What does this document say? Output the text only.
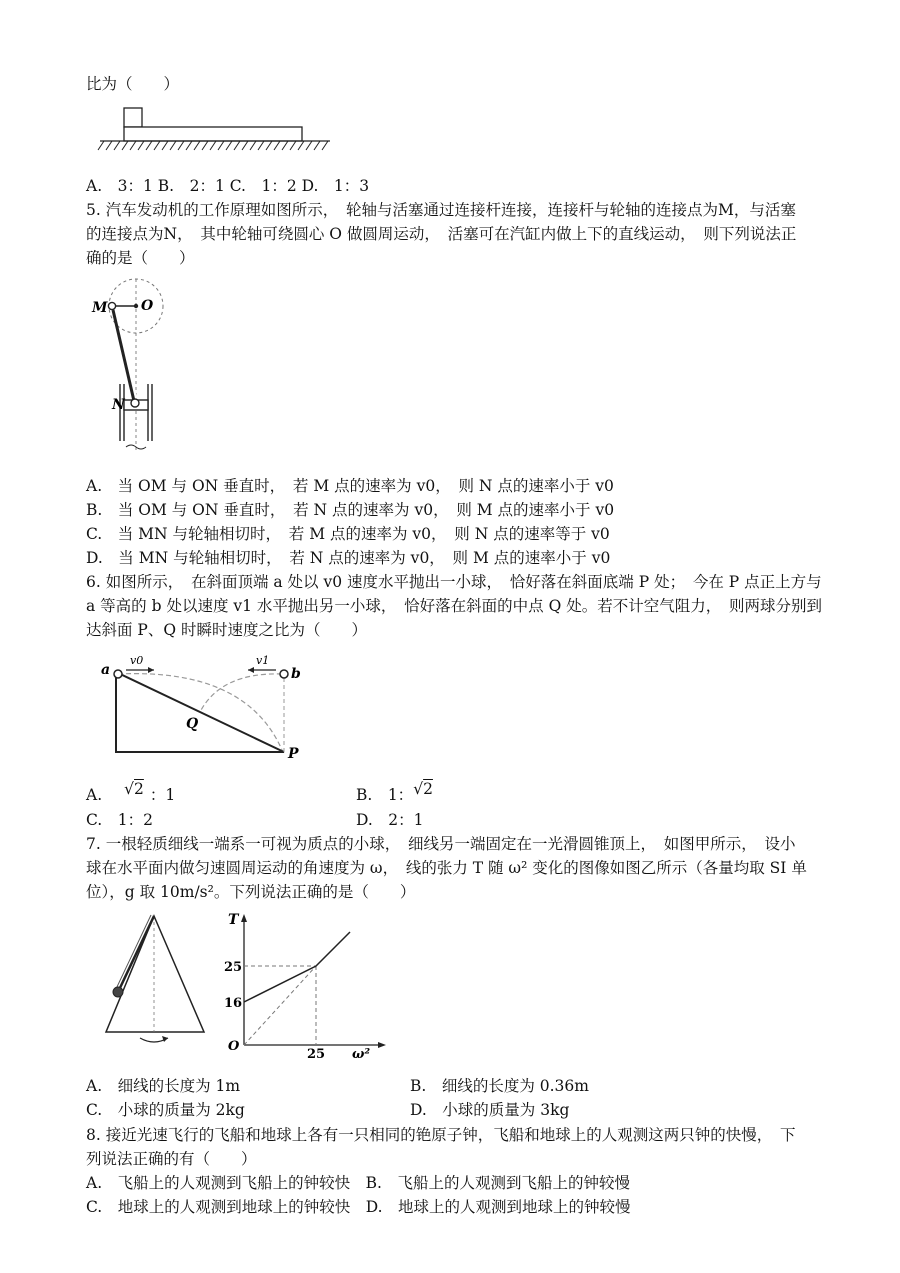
比为（　　）
A.　3：1 B.　2：1 C.　1：2 D.　1：3
5. 汽车发动机的工作原理如图所示，　轮轴与活塞通过连接杆连接，连接杆与轮轴的连接点为M，与活塞
的连接点为N，　其中轮轴可绕圆心 O 做圆周运动，　活塞可在汽缸内做上下的直线运动，　则下列说法正
确的是（　　）
M O
N
A.　当 OM 与 ON 垂直时，　若 M 点的速率为 v0，　则 N 点的速率小于 v0
B.　当 OM 与 ON 垂直时，　若 N 点的速率为 v0，　则 M 点的速率小于 v0
C.　当 MN 与轮轴相切时，　若 M 点的速率为 v0，　则 N 点的速率等于 v0
D.　当 MN 与轮轴相切时，　若 N 点的速率为 v0，　则 M 点的速率小于 v0
6. 如图所示，　在斜面顶端 a 处以 v0 速度水平抛出一小球，　恰好落在斜面底端 P 处；　今在 P 点正上方与
a 等高的 b 处以速度 v1 水平抛出另一小球，　恰好落在斜面的中点 Q 处。若不计空气阻力，　则两球分别到
达斜面 P、Q 时瞬时速度之比为（　　）
a	b
Q
P
v0	v1
A. √2 ：1	B.　1：√2
C.　1：2	D.　2：1
7. 一根轻质细线一端系一可视为质点的小球，　细线另一端固定在一光滑圆锥顶上，　如图甲所示，　设小
球在水平面内做匀速圆周运动的角速度为 ω，　线的张力 T 随 ω² 变化的图像如图乙所示（各量均取 SI 单
位），g 取 10m/s²。下列说法正确的是（　　）
T
O
25
16
25 ω²
A.　细线的长度为 1m	B.　细线的长度为 0.36m
C.　小球的质量为 2kg	D.　小球的质量为 3kg
8. 接近光速飞行的飞船和地球上各有一只相同的铯原子钟，飞船和地球上的人观测这两只钟的快慢，　下
列说法正确的有（　　）
A.　飞船上的人观测到飞船上的钟较快　B.　飞船上的人观测到飞船上的钟较慢
C.　地球上的人观测到地球上的钟较快　D.　地球上的人观测到地球上的钟较慢
